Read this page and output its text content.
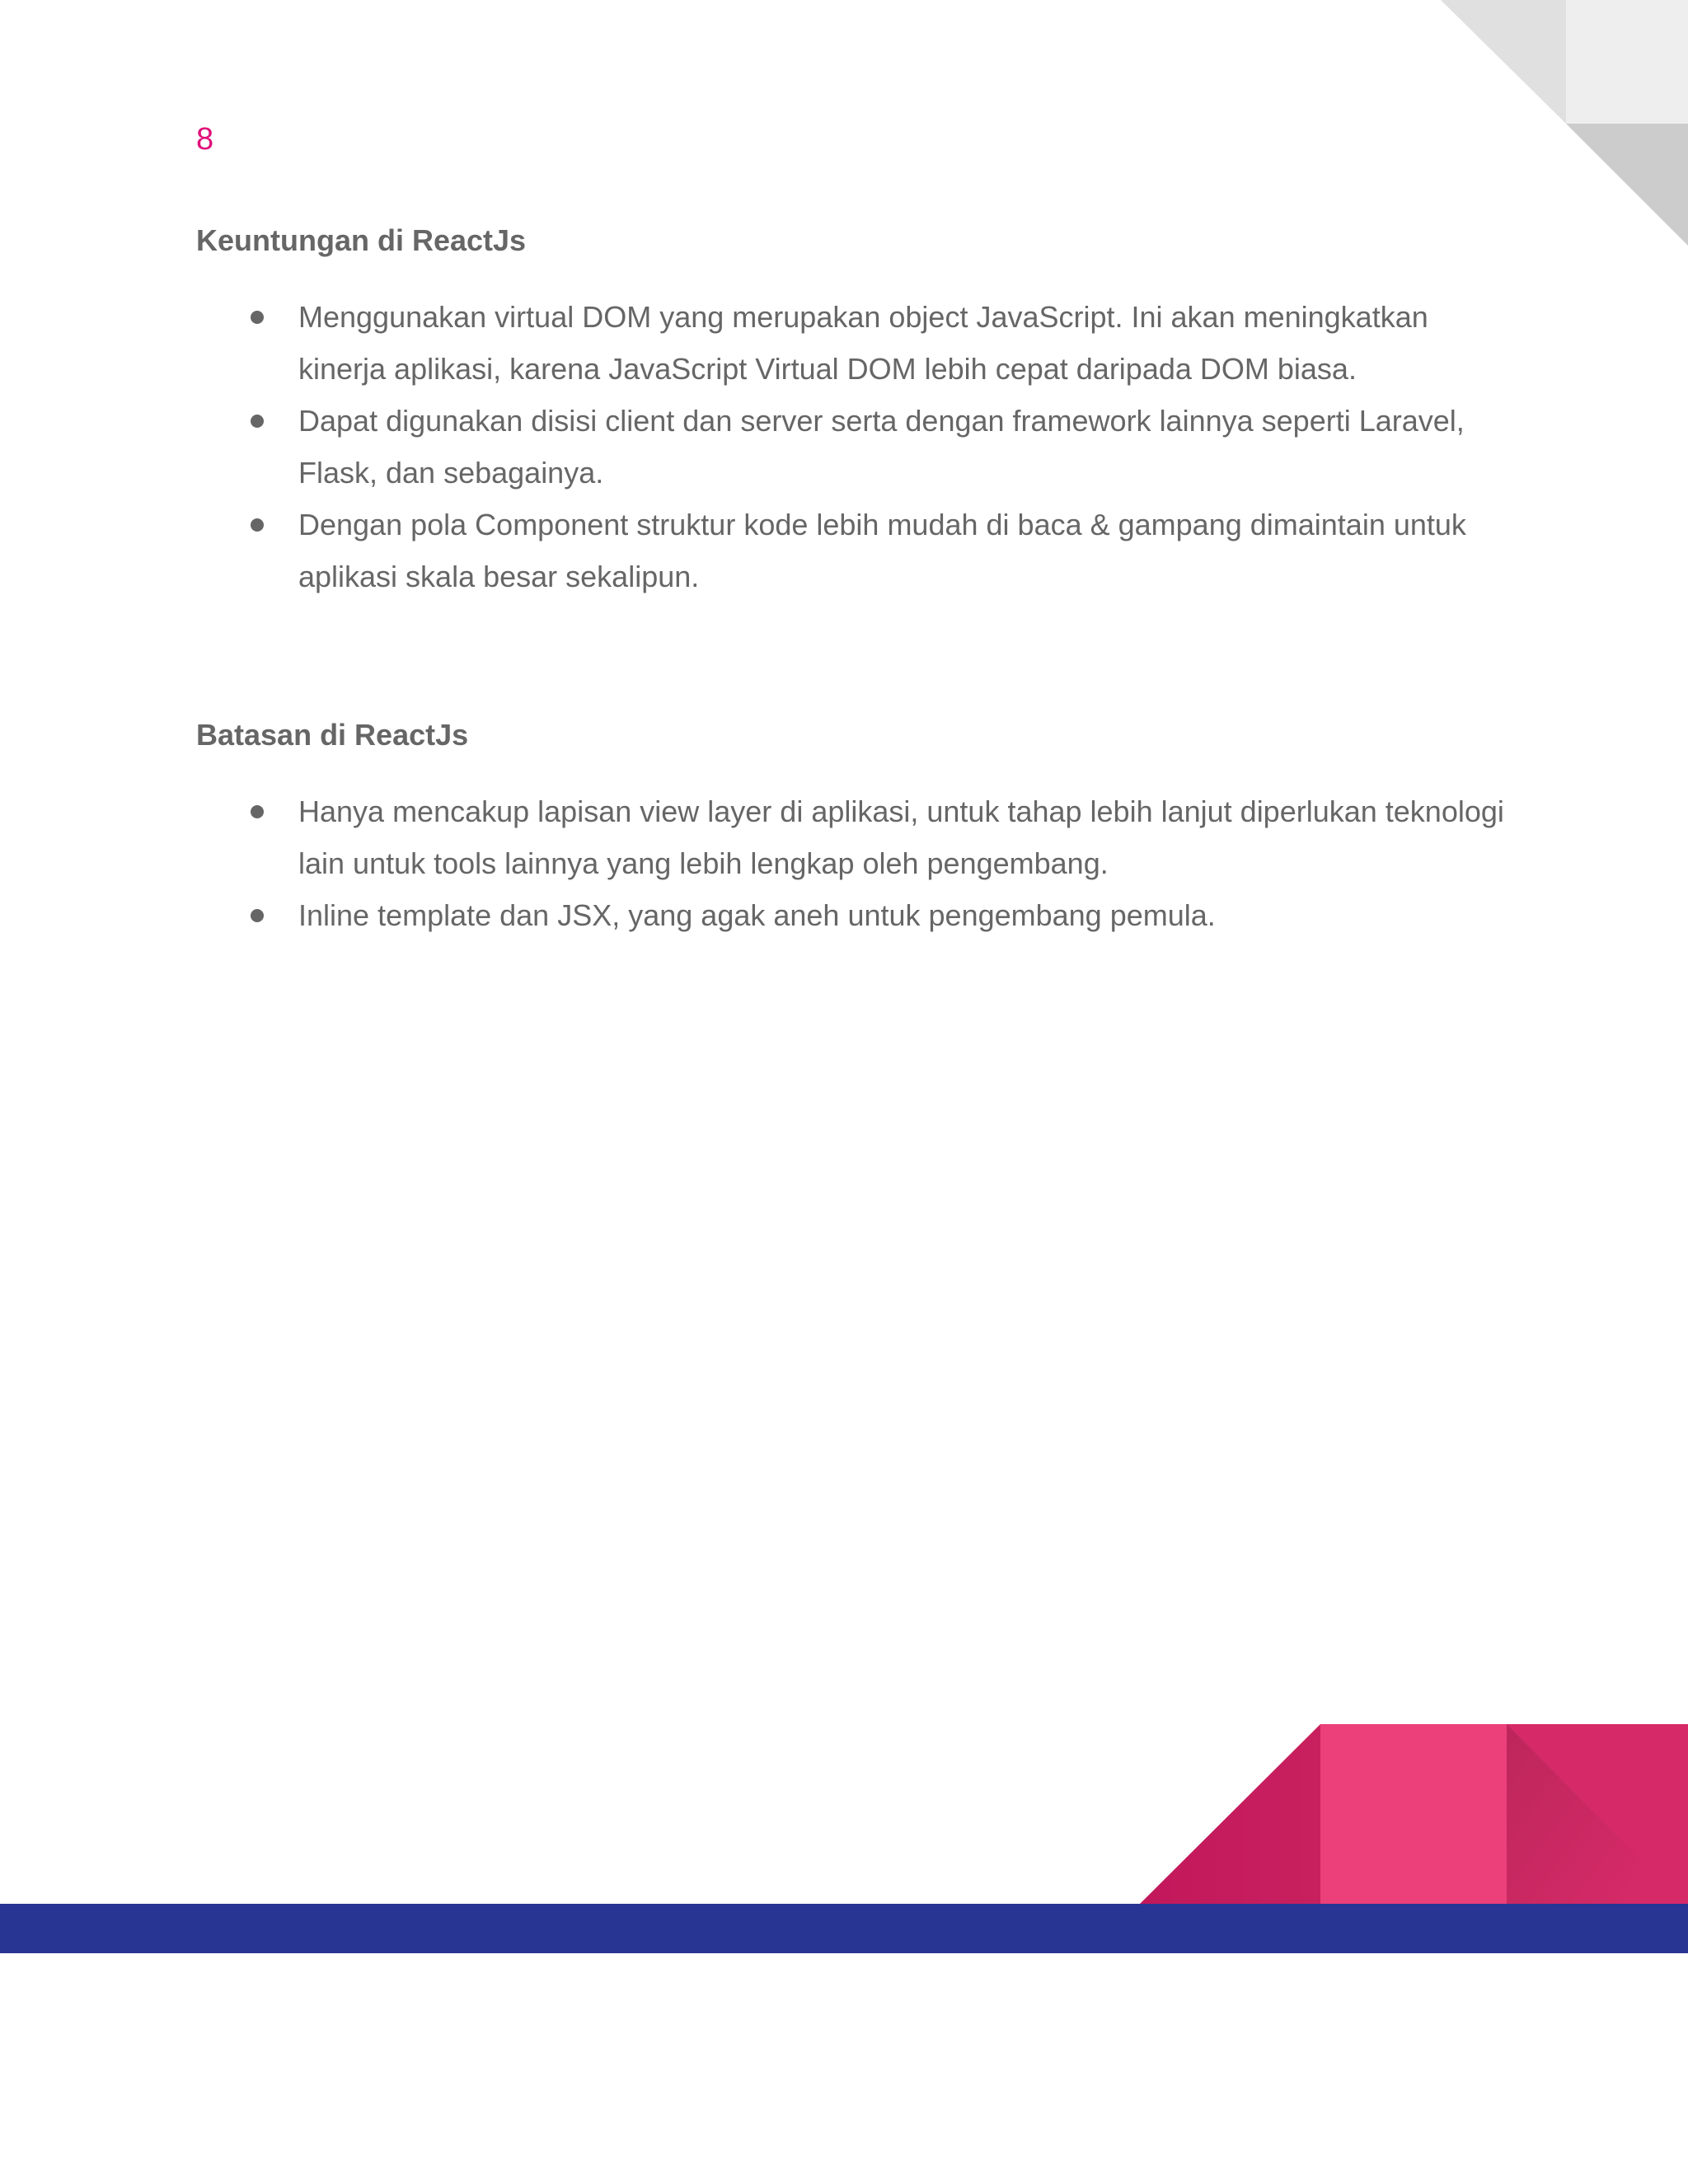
8
Keuntungan di ReactJs
Menggunakan virtual DOM yang merupakan object JavaScript. Ini akan meningkatkan kinerja aplikasi, karena JavaScript Virtual DOM lebih cepat daripada DOM biasa.
Dapat digunakan disisi client dan server serta dengan framework lainnya seperti Laravel, Flask, dan sebagainya.
Dengan pola Component struktur kode lebih mudah di baca & gampang dimaintain untuk aplikasi skala besar sekalipun.
Batasan di ReactJs
Hanya mencakup lapisan view layer di aplikasi, untuk tahap lebih lanjut diperlukan teknologi lain untuk tools lainnya yang lebih lengkap oleh pengembang.
Inline template dan JSX, yang agak aneh untuk pengembang pemula.
